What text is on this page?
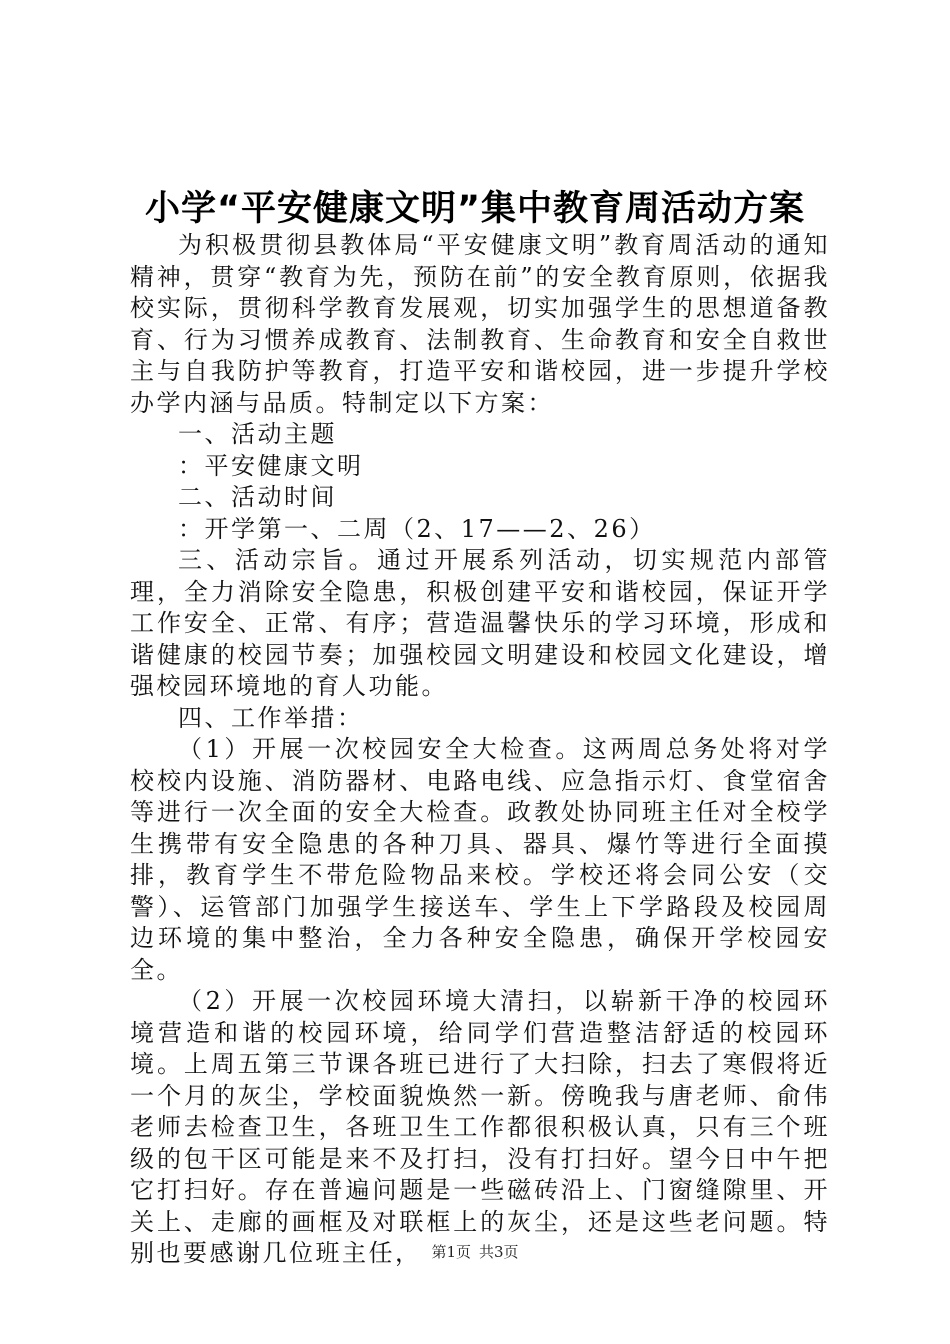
小学“平安健康文明”集中教育周活动方案

为积极贯彻县教体局“平安健康文明”教育周活动的通知精神，贯穿“教育为先，预防在前”的安全教育原则，依据我校实际，贯彻科学教育发展观，切实加强学生的思想道备教育、行为习惯养成教育、法制教育、生命教育和安全自救世主与自我防护等教育，打造平安和谐校园，进一步提升学校办学内涵与品质。特制定以下方案：

一、活动主题

：平安健康文明

二、活动时间

：开学第一、二周（2、17——2、26）

三、活动宗旨。通过开展系列活动，切实规范内部管理，全力消除安全隐患，积极创建平安和谐校园，保证开学工作安全、正常、有序；营造温馨快乐的学习环境，形成和谐健康的校园节奏；加强校园文明建设和校园文化建设，增强校园环境地的育人功能。

四、工作举措：

（1）开展一次校园安全大检查。这两周总务处将对学校校内设施、消防器材、电路电线、应急指示灯、食堂宿舍等进行一次全面的安全大检查。政教处协同班主任对全校学生携带有安全隐患的各种刀具、器具、爆竹等进行全面摸排，教育学生不带危险物品来校。学校还将会同公安（交警）、运管部门加强学生接送车、学生上下学路段及校园周边环境的集中整治，全力各种安全隐患，确保开学校园安全。

（2）开展一次校园环境大清扫，以崭新干净的校园环境营造和谐的校园环境，给同学们营造整洁舒适的校园环境。上周五第三节课各班已进行了大扫除，扫去了寒假将近一个月的灰尘，学校面貌焕然一新。傍晚我与唐老师、俞伟老师去检查卫生，各班卫生工作都很积极认真，只有三个班级的包干区可能是来不及打扫，没有打扫好。望今日中午把它打扫好。存在普遍问题是一些磁砖沿上、门窗缝隙里、开关上、走廊的画框及对联框上的灰尘，还是这些老问题。特别也要感谢几位班主任， 第1页 共3页
